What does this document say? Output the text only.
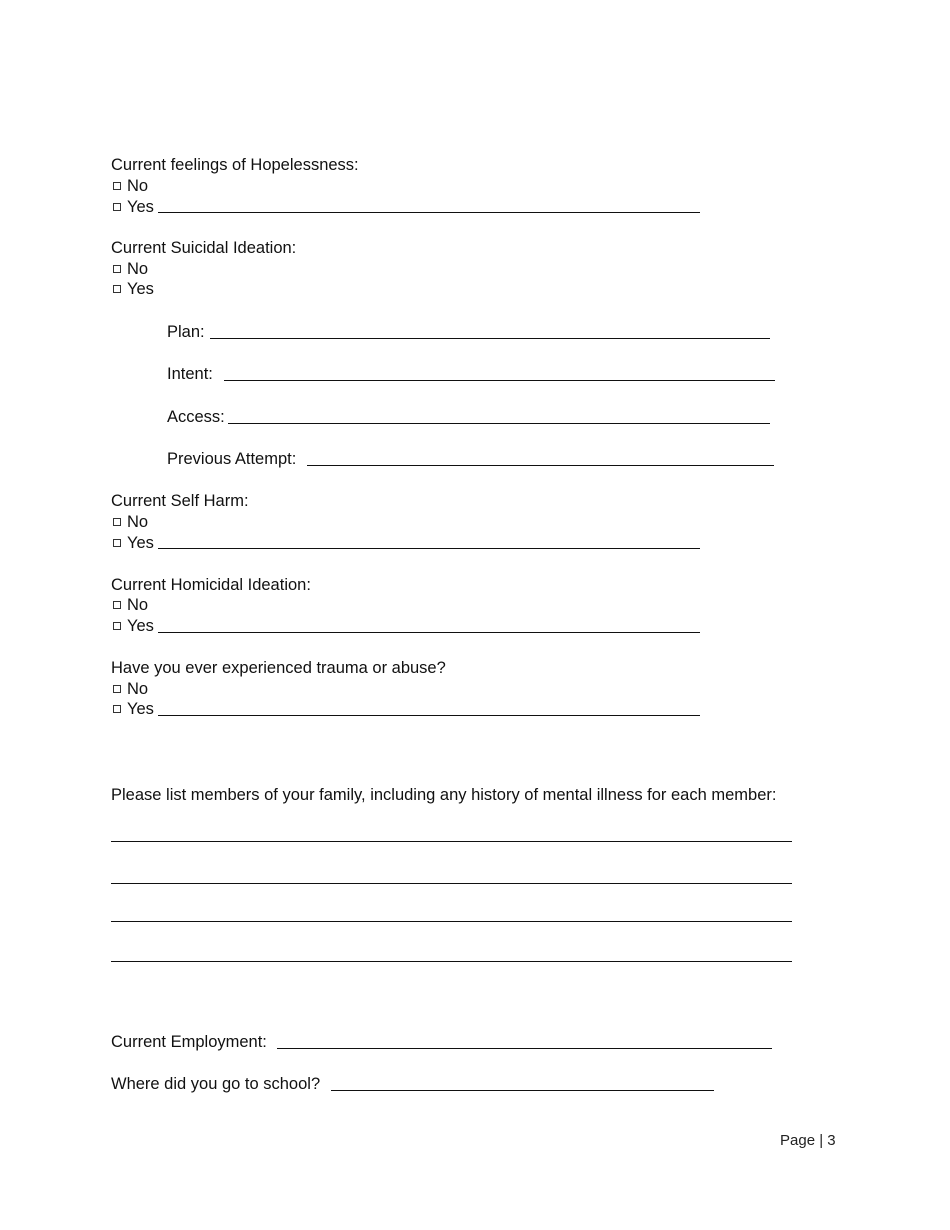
Current feelings of Hopelessness:
No
Yes
Current Suicidal Ideation:
No
Yes
Plan:
Intent:
Access:
Previous Attempt:
Current Self Harm:
No
Yes
Current Homicidal Ideation:
No
Yes
Have you ever experienced trauma or abuse?
No
Yes
Please list members of your family, including any history of mental illness for each member:
Current Employment:
Where did you go to school?
Page | 3
